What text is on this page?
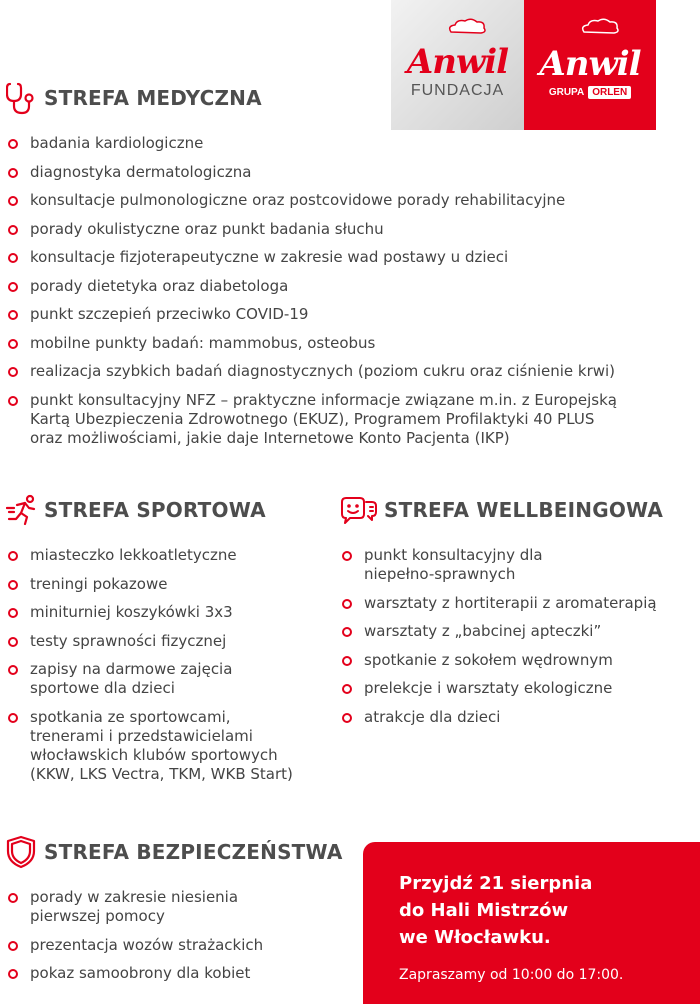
Anwil
FUNDACJA
Anwil
GRUPA ORLEN
STREFA MEDYCZNA
badania kardiologiczne
diagnostyka dermatologiczna
konsultacje pulmonologiczne oraz postcovidowe porady rehabilitacyjne
porady okulistyczne oraz punkt badania słuchu
konsultacje fizjoterapeutyczne w zakresie wad postawy u dzieci
porady dietetyka oraz diabetologa
punkt szczepień przeciwko COVID-19
mobilne punkty badań: mammobus, osteobus
realizacja szybkich badań diagnostycznych (poziom cukru oraz ciśnienie krwi)
punkt konsultacyjny NFZ – praktyczne informacje związane m.in. z Europejską Kartą Ubezpieczenia Zdrowotnego (EKUZ), Programem Profilaktyki 40 PLUS oraz możliwościami, jakie daje Internetowe Konto Pacjenta (IKP)
STREFA SPORTOWA
miasteczko lekkoatletyczne
treningi pokazowe
miniturniej koszykówki 3x3
testy sprawności fizycznej
zapisy na darmowe zajęcia sportowe dla dzieci
spotkania ze sportowcami, trenerami i przedstawicielami włocławskich klubów sportowych (KKW, LKS Vectra, TKM, WKB Start)
STREFA WELLBEINGOWA
punkt konsultacyjny dla niepełno-sprawnych
warsztaty z hortiterapii z aromaterapią
warsztaty z „babcinej apteczki”
spotkanie z sokołem wędrownym
prelekcje i warsztaty ekologiczne
atrakcje dla dzieci
STREFA BEZPIECZEŃSTWA
porady w zakresie niesienia pierwszej pomocy
prezentacja wozów strażackich
pokaz samoobrony dla kobiet
Przyjdź 21 sierpnia
do Hali Mistrzów
we Włocławku.
Zapraszamy od 10:00 do 17:00.
